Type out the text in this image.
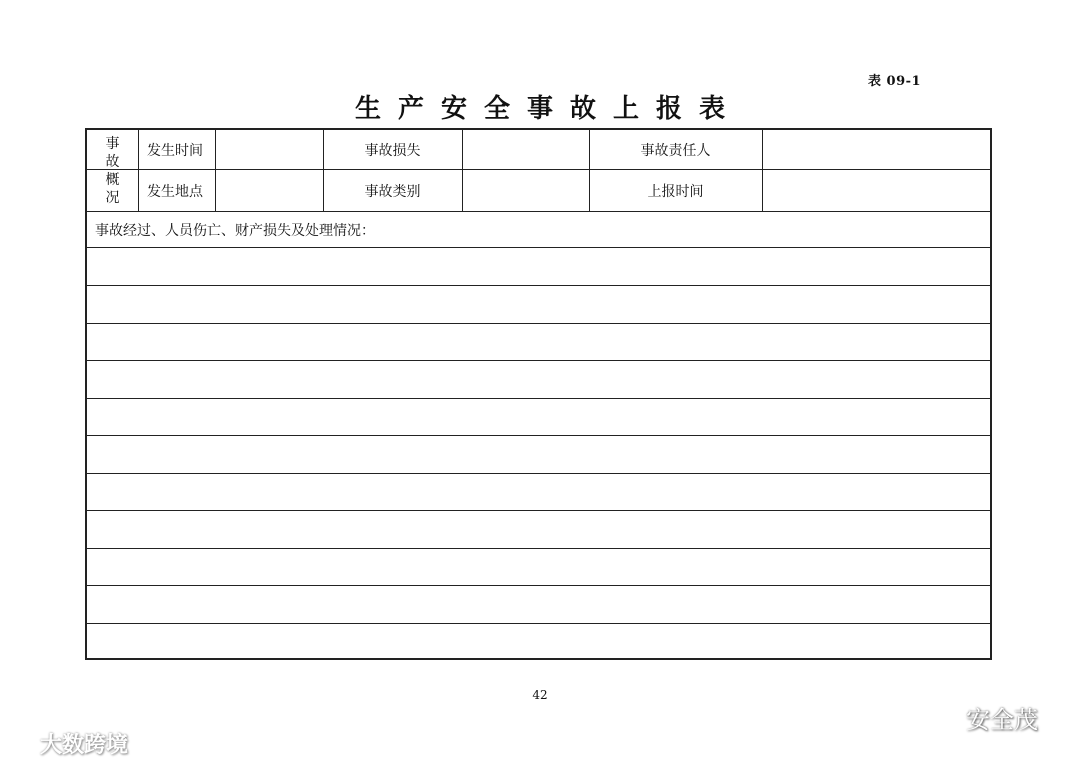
表 09-1
生产安全事故上报表
事
故
概
况
发生时间	事故损失	事故责任人
发生地点	事故类别	上报时间
事故经过、人员伤亡、财产损失及处理情况：
42
大数跨境
安全茂
